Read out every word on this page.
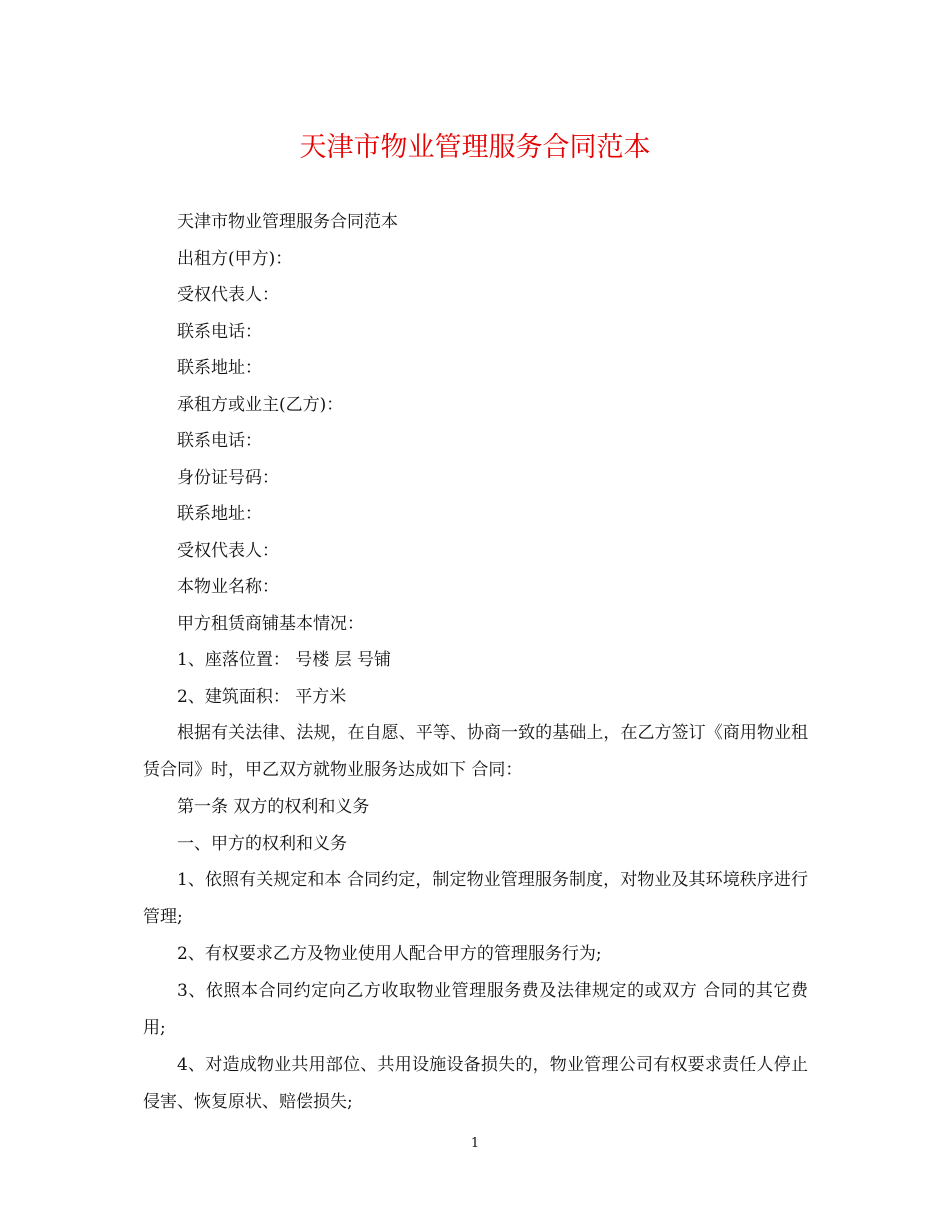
天津市物业管理服务合同范本

天津市物业管理服务合同范本

出租方(甲方)：

受权代表人：

联系电话：

联系地址：

承租方或业主(乙方)：

联系电话：

身份证号码：

联系地址：

受权代表人：

本物业名称：

甲方租赁商铺基本情况：

1、座落位置： 号楼 层 号铺

2、建筑面积： 平方米

根据有关法律、法规，在自愿、平等、协商一致的基础上，在乙方签订《商用物业租赁合同》时，甲乙双方就物业服务达成如下 合同：

第一条 双方的权利和义务

一、甲方的权利和义务

1、依照有关规定和本 合同约定，制定物业管理服务制度，对物业及其环境秩序进行管理;

2、有权要求乙方及物业使用人配合甲方的管理服务行为;

3、依照本合同约定向乙方收取物业管理服务费及法律规定的或双方 合同的其它费用;

4、对造成物业共用部位、共用设施设备损失的，物业管理公司有权要求责任人停止侵害、恢复原状、赔偿损失;

1
